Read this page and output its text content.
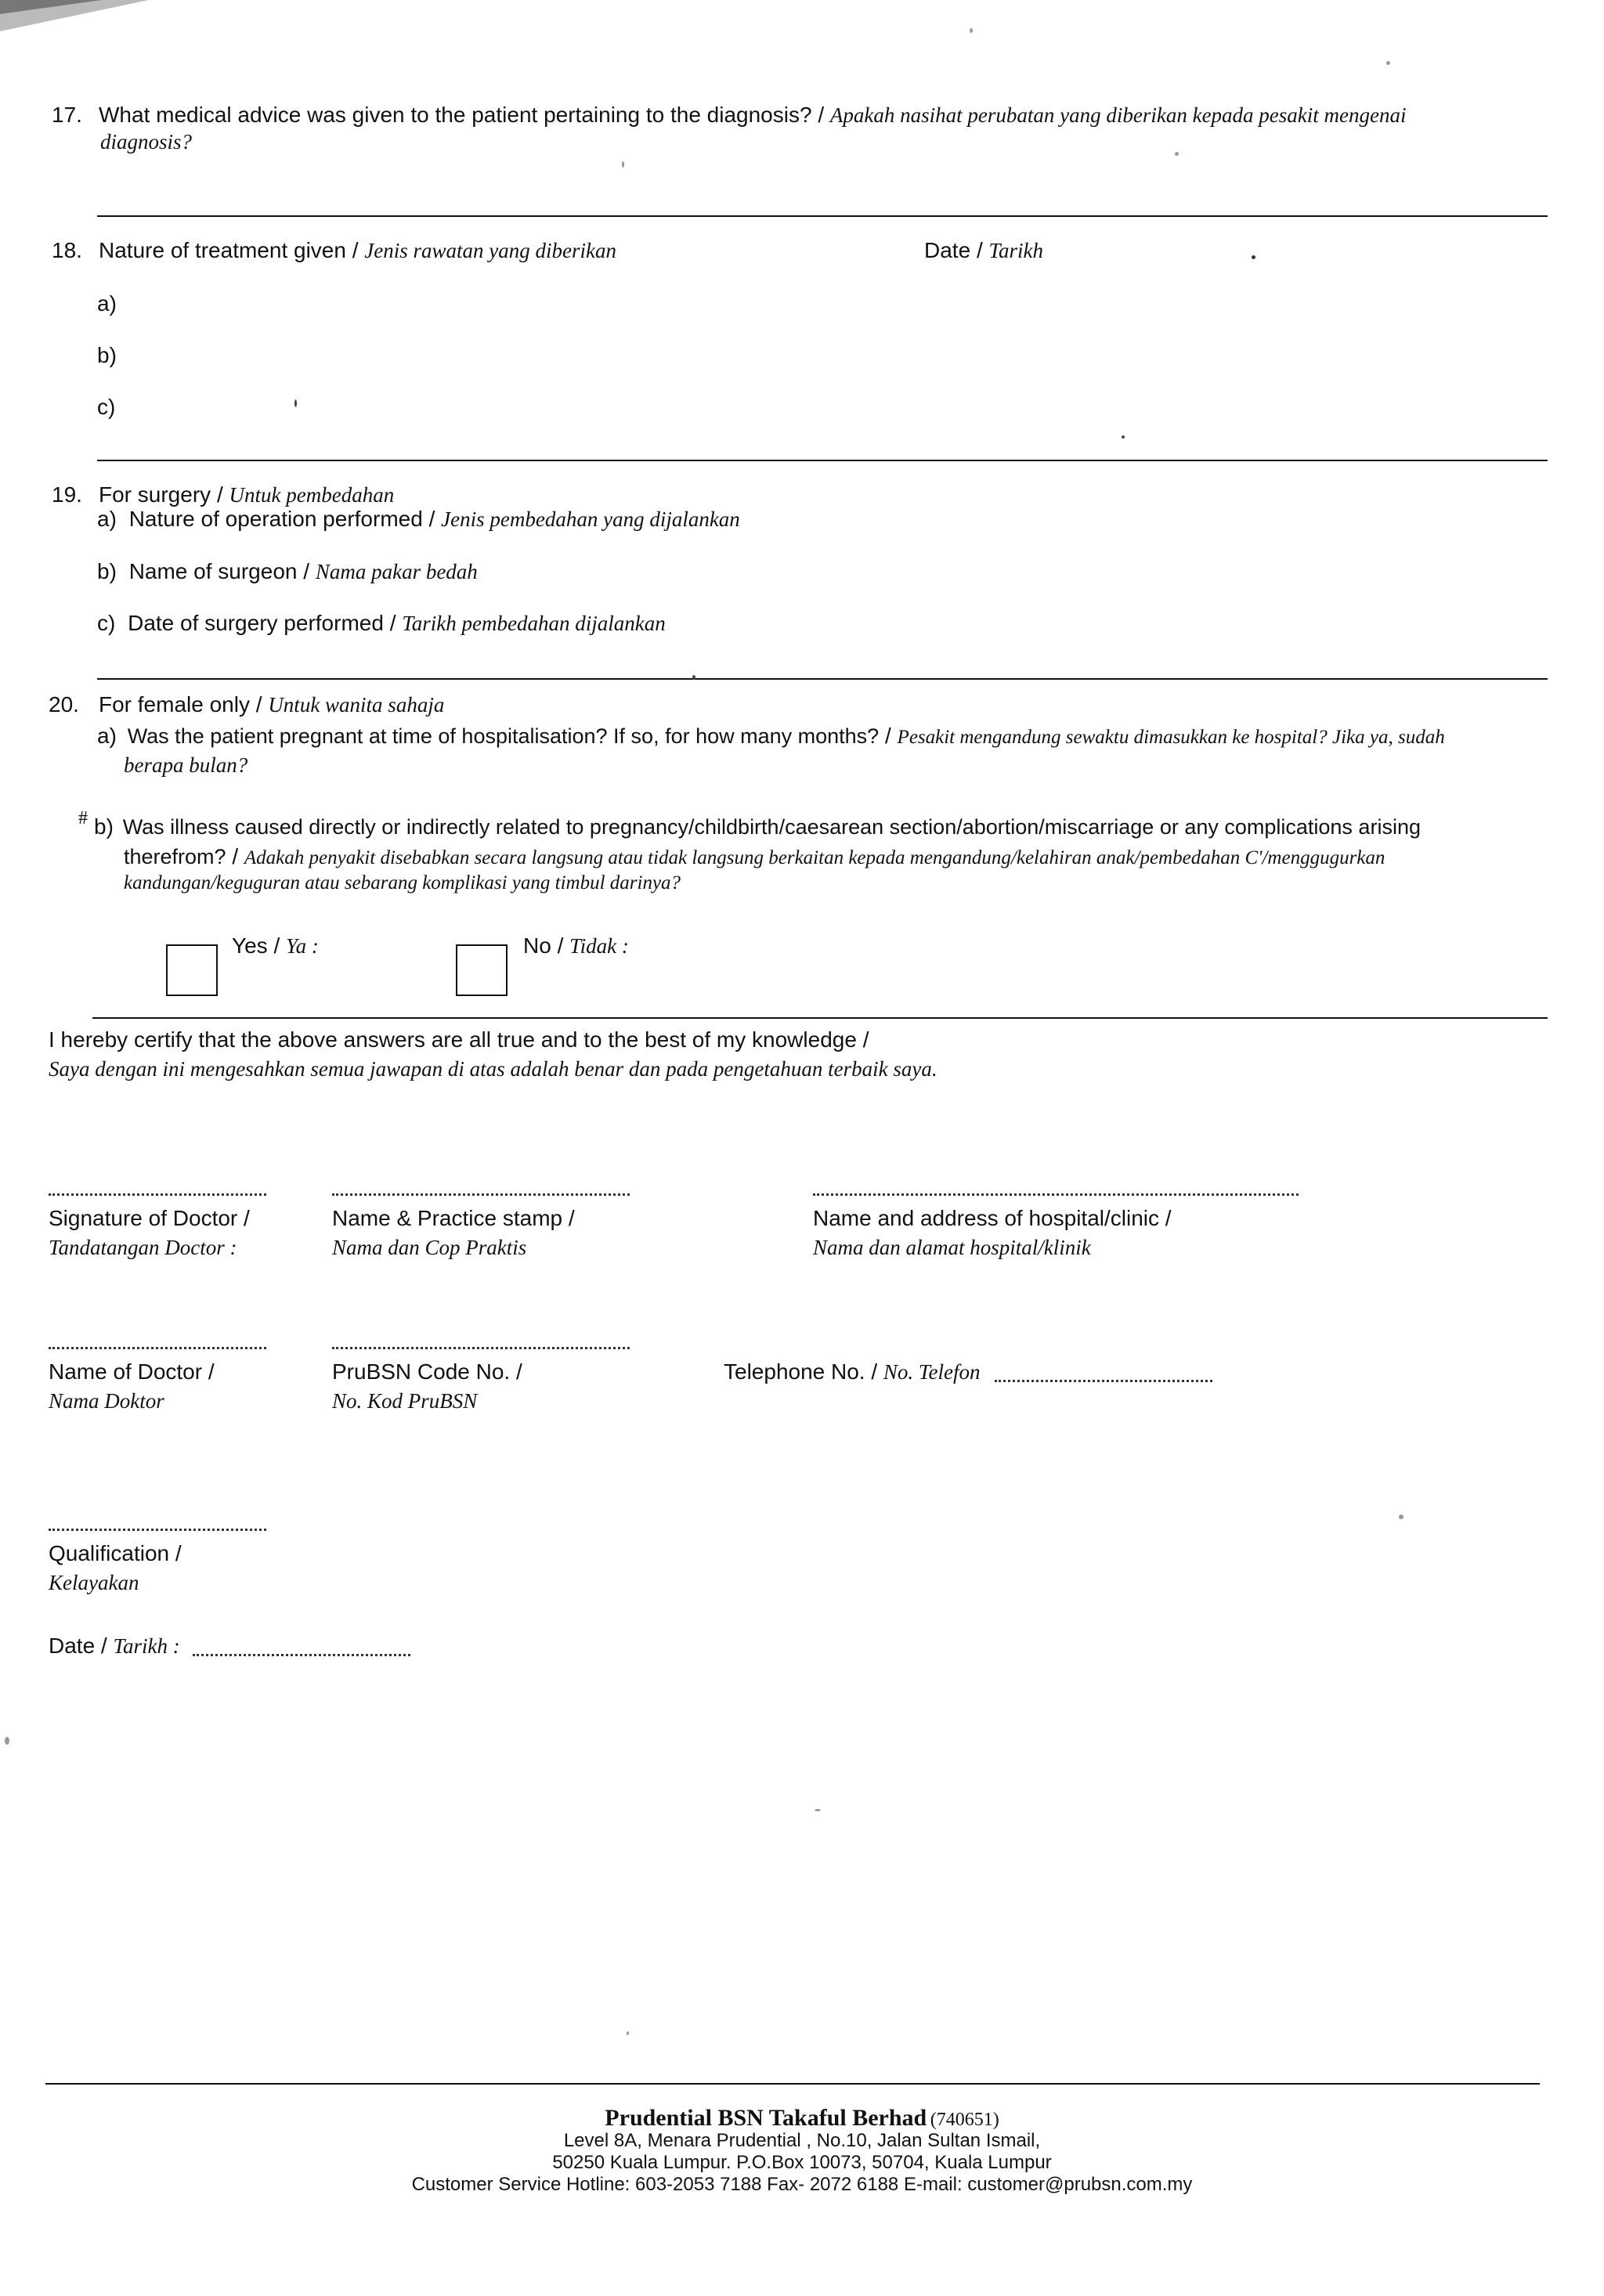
17. What medical advice was given to the patient pertaining to the diagnosis? / Apakah nasihat perubatan yang diberikan kepada pesakit mengenai
diagnosis?
18. Nature of treatment given / Jenis rawatan yang diberikan	Date / Tarikh
a)
b)
c)
19. For surgery / Untuk pembedahan
a) Nature of operation performed / Jenis pembedahan yang dijalankan
b) Name of surgeon / Nama pakar bedah
c) Date of surgery performed / Tarikh pembedahan dijalankan
20. For female only / Untuk wanita sahaja
a) Was the patient pregnant at time of hospitalisation? If so, for how many months? / Pesakit mengandung sewaktu dimasukkan ke hospital? Jika ya, sudah
berapa bulan?
# b) Was illness caused directly or indirectly related to pregnancy/childbirth/caesarean section/abortion/miscarriage or any complications arising
therefrom? / Adakah penyakit disebabkan secara langsung atau tidak langsung berkaitan kepada mengandung/kelahiran anak/pembedahan C'/menggugurkan
kandungan/keguguran atau sebarang komplikasi yang timbul darinya?
Yes / Ya :	No / Tidak :
I hereby certify that the above answers are all true and to the best of my knowledge /
Saya dengan ini mengesahkan semua jawapan di atas adalah benar dan pada pengetahuan terbaik saya.
Signature of Doctor /
Tandatangan Doctor :
Name & Practice stamp /
Nama dan Cop Praktis
Name and address of hospital/clinic /
Nama dan alamat hospital/klinik
Name of Doctor /
Nama Doktor
PruBSN Code No. /
No. Kod PruBSN
Telephone No. / No. Telefon
Qualification /
Kelayakan
Date / Tarikh :
Prudential BSN Takaful Berhad (740651)
Level 8A, Menara Prudential , No.10, Jalan Sultan Ismail,
50250 Kuala Lumpur. P.O.Box 10073, 50704, Kuala Lumpur
Customer Service Hotline: 603-2053 7188 Fax- 2072 6188 E-mail: customer@prubsn.com.my
